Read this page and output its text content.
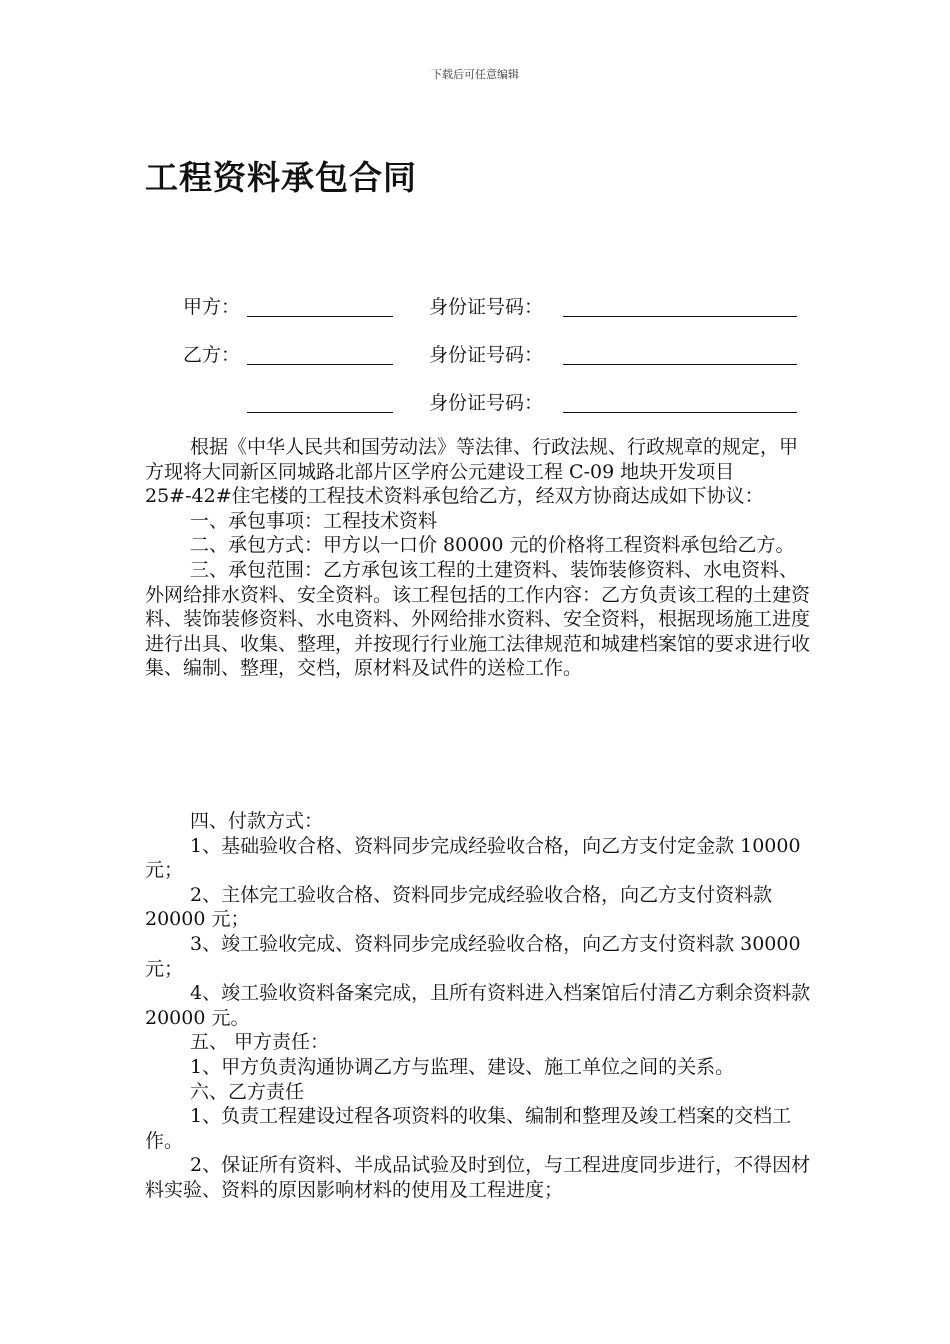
下载后可任意编辑
工程资料承包合同
甲方：	身份证号码：
乙方：	身份证号码：
身份证号码：

根据《中华人民共和国劳动法》等法律、行政法规、行政规章的规定，甲方现将大同新区同城路北部片区学府公元建设工程 C-09 地块开发项目 25#-42#住宅楼的工程技术资料承包给乙方，经双方协商达成如下协议：

一、承包事项：工程技术资料

二、承包方式：甲方以一口价 80000 元的价格将工程资料承包给乙方。

三、承包范围：乙方承包该工程的土建资料、装饰装修资料、水电资料、外网给排水资料、安全资料。该工程包括的工作内容：乙方负责该工程的土建资料、装饰装修资料、水电资料、外网给排水资料、安全资料，根据现场施工进度进行出具、收集、整理，并按现行行业施工法律规范和城建档案馆的要求进行收集、编制、整理，交档，原材料及试件的送检工作。

四、付款方式：

1、基础验收合格、资料同步完成经验收合格，向乙方支付定金款 10000 元；

2、主体完工验收合格、资料同步完成经验收合格，向乙方支付资料款 20000 元；

3、竣工验收完成、资料同步完成经验收合格，向乙方支付资料款 30000 元；

4、竣工验收资料备案完成，且所有资料进入档案馆后付清乙方剩余资料款 20000 元。

五、 甲方责任：

1、甲方负责沟通协调乙方与监理、建设、施工单位之间的关系。

六、乙方责任

1、负责工程建设过程各项资料的收集、编制和整理及竣工档案的交档工作。

2、保证所有资料、半成品试验及时到位，与工程进度同步进行，不得因材料实验、资料的原因影响材料的使用及工程进度；
